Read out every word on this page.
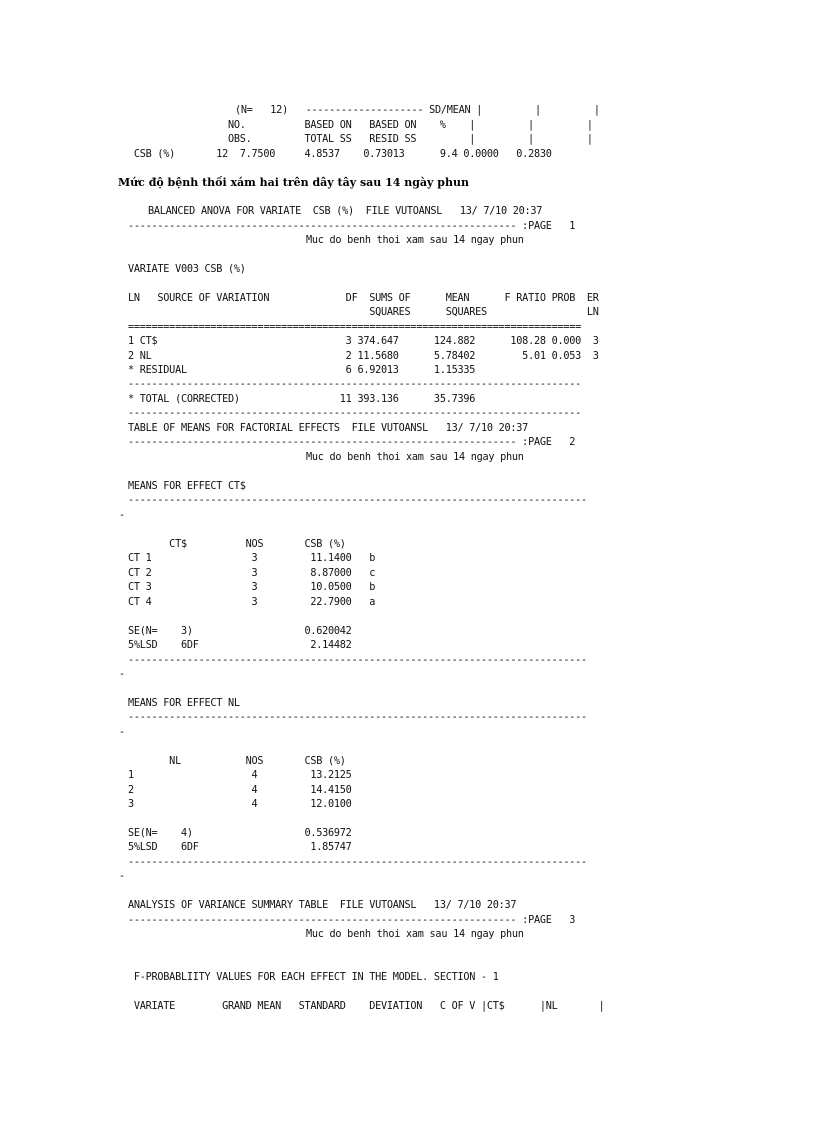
(N=   12)   -------------------- SD/MEAN |         |         |
NO.          BASED ON   BASED ON    %    |         |         |
OBS.         TOTAL SS   RESID SS         |         |         |
CSB (%)       12  7.7500     4.8537    0.73013      9.4 0.0000   0.2830
Mức độ bệnh thối xám hai trên dây tây sau 14 ngày phun
BALANCED ANOVA FOR VARIATE  CSB (%)  FILE VUTOANSL   13/ 7/10 20:37
------------------------------------------------------------------ :PAGE   1
Muc do benh thoi xam sau 14 ngay phun
VARIATE V003 CSB (%)
LN   SOURCE OF VARIATION             DF  SUMS OF      MEAN      F RATIO PROB  ER
SQUARES      SQUARES                 LN
=============================================================================
1 CT$                                3 374.647      124.882      108.28 0.000  3
2 NL                                 2 11.5680      5.78402        5.01 0.053  3
* RESIDUAL                           6 6.92013      1.15335
-----------------------------------------------------------------------------
* TOTAL (CORRECTED)                 11 393.136      35.7396
-----------------------------------------------------------------------------
TABLE OF MEANS FOR FACTORIAL EFFECTS  FILE VUTOANSL   13/ 7/10 20:37
------------------------------------------------------------------ :PAGE   2
Muc do benh thoi xam sau 14 ngay phun
MEANS FOR EFFECT CT$
------------------------------------------------------------------------------
-
CT$          NOS       CSB (%)
CT 1                 3         11.1400   b
CT 2                 3         8.87000   c
CT 3                 3         10.0500   b
CT 4                 3         22.7900   a
SE(N=    3)                   0.620042
5%LSD    6DF                   2.14482
------------------------------------------------------------------------------
-
MEANS FOR EFFECT NL
------------------------------------------------------------------------------
-
NL           NOS       CSB (%)
1                    4         13.2125
2                    4         14.4150
3                    4         12.0100
SE(N=    4)                   0.536972
5%LSD    6DF                   1.85747
------------------------------------------------------------------------------
-
ANALYSIS OF VARIANCE SUMMARY TABLE  FILE VUTOANSL   13/ 7/10 20:37
------------------------------------------------------------------ :PAGE   3
Muc do benh thoi xam sau 14 ngay phun
F-PROBABLIITY VALUES FOR EACH EFFECT IN THE MODEL. SECTION - 1
VARIATE        GRAND MEAN   STANDARD    DEVIATION   C OF V |CT$      |NL       |
